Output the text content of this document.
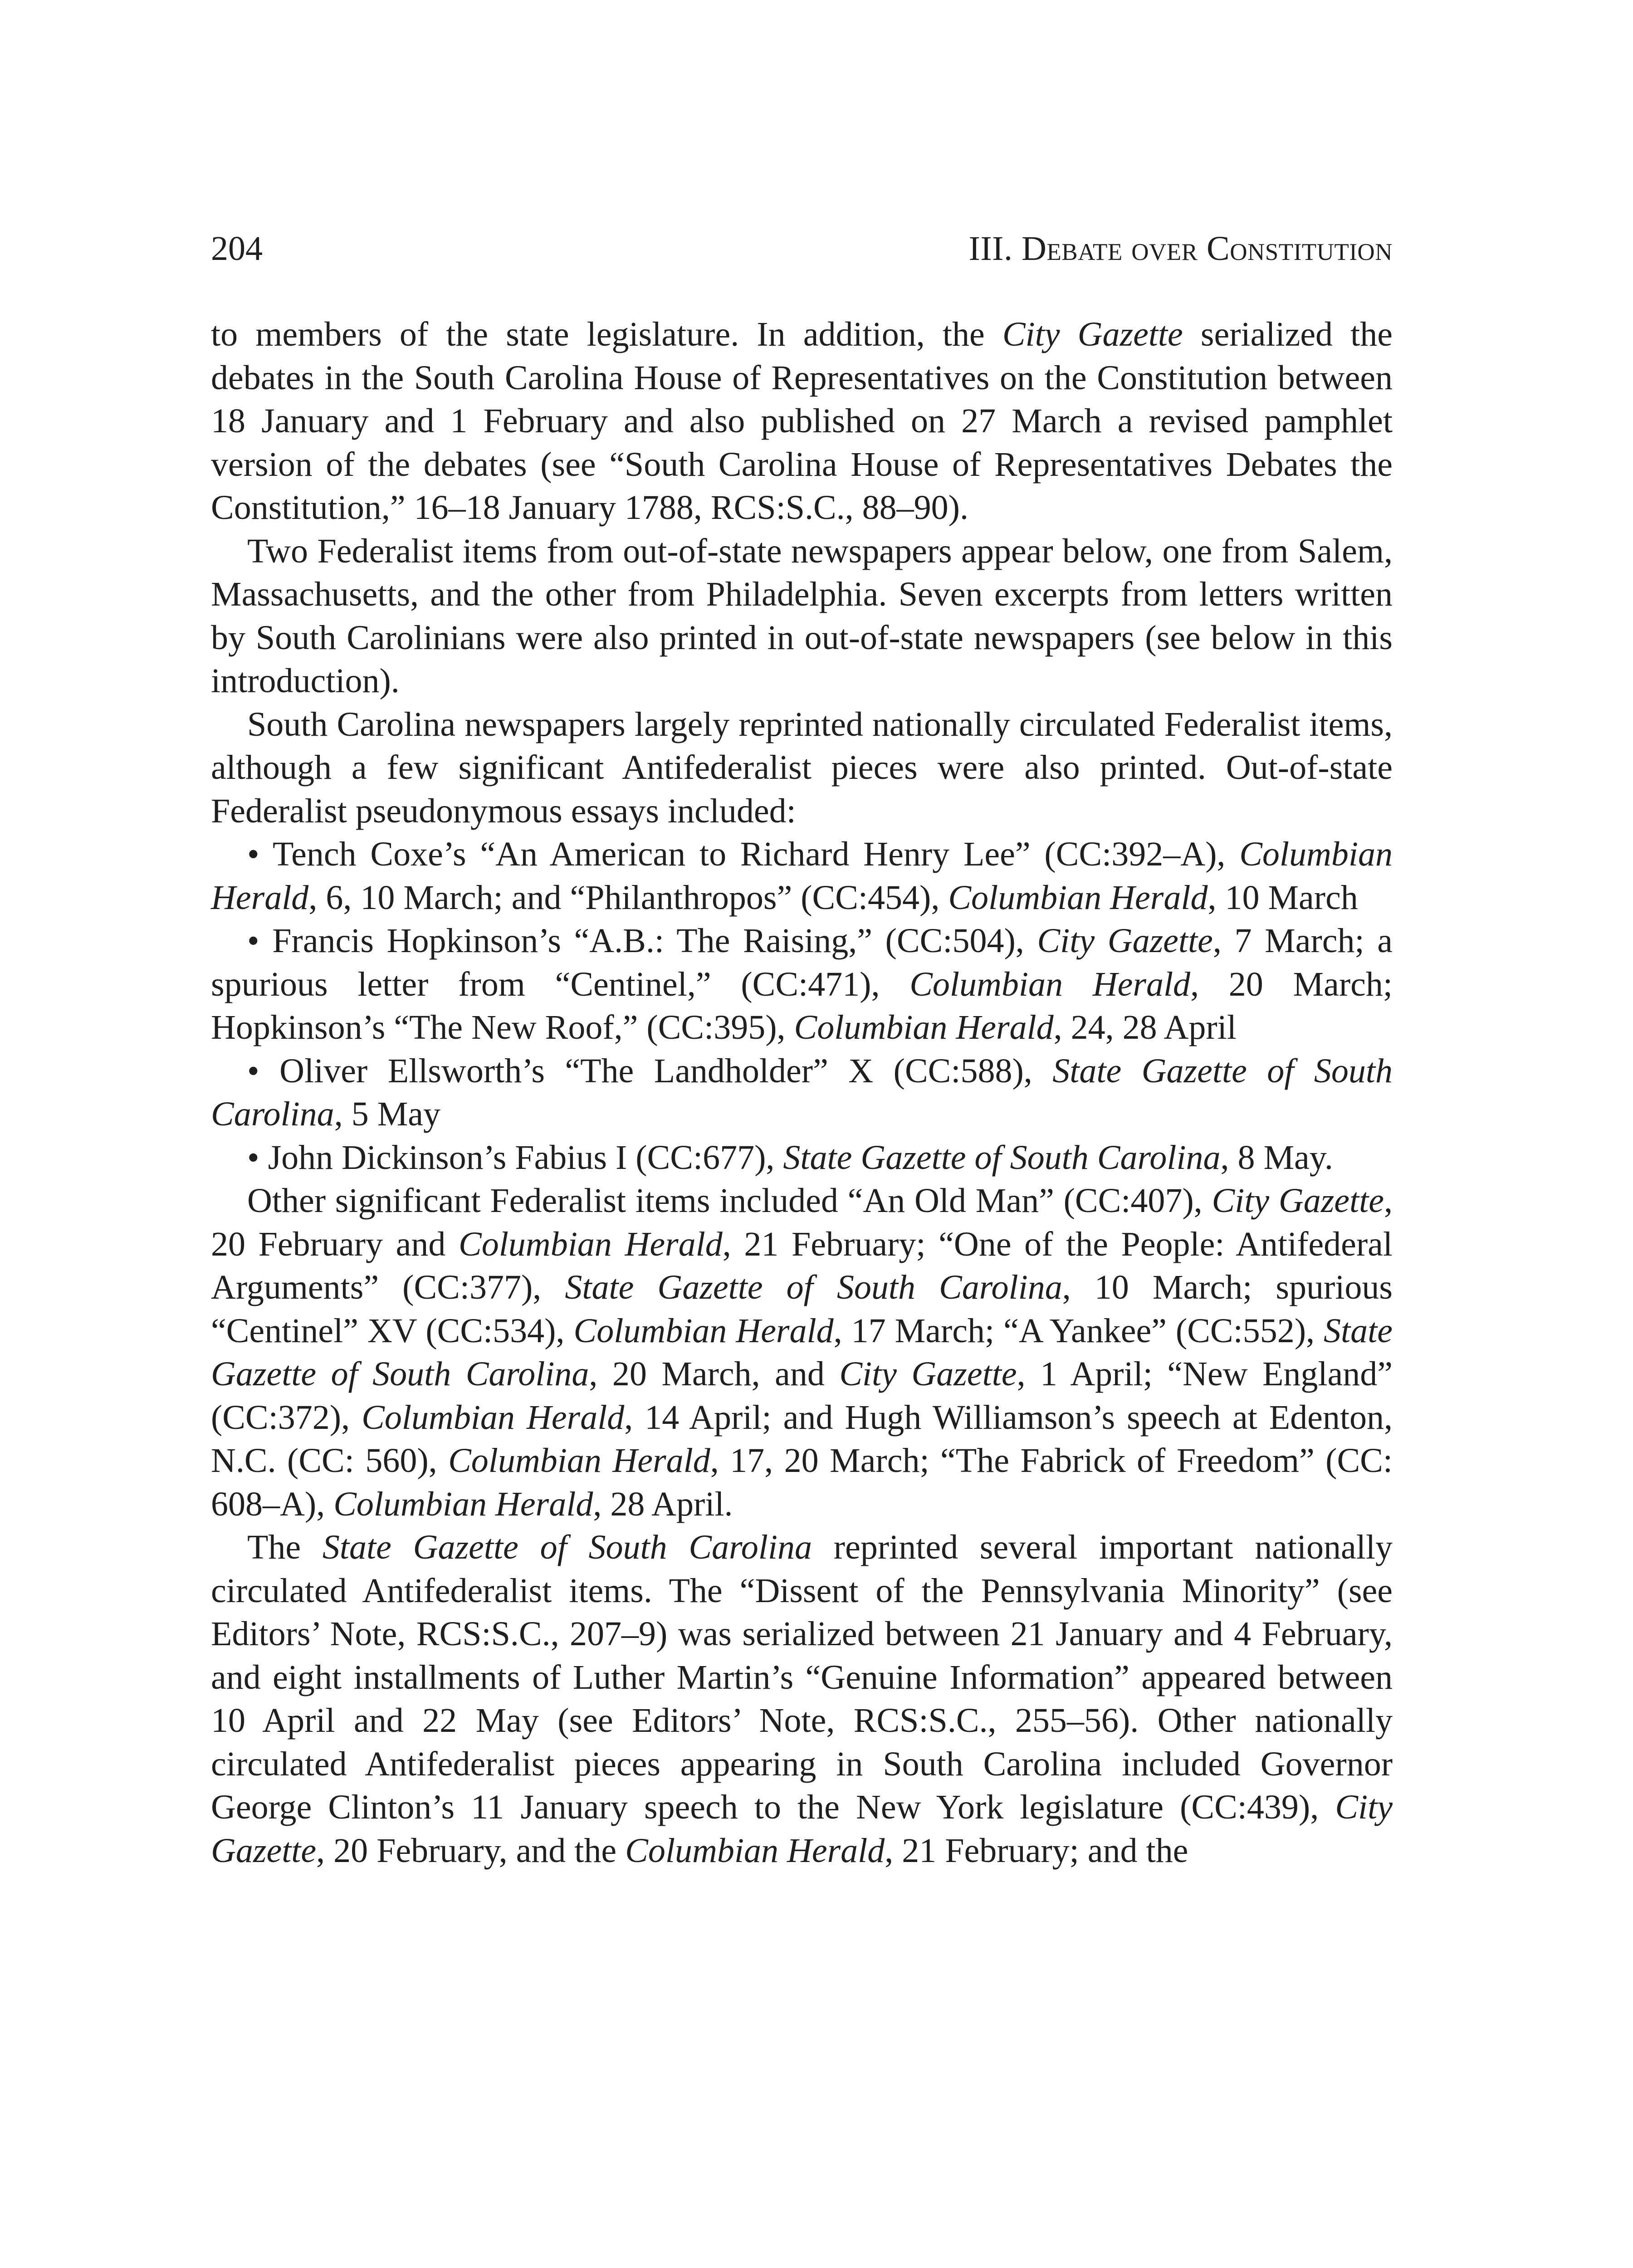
204	III. Debate over Constitution

to members of the state legislature. In addition, the City Gazette serialized the debates in the South Carolina House of Representatives on the Constitution between 18 January and 1 February and also published on 27 March a revised pamphlet version of the debates (see “South Carolina House of Representatives Debates the Constitution,” 16–18 January 1788, RCS:S.C., 88–90).

Two Federalist items from out-of-state newspapers appear below, one from Salem, Massachusetts, and the other from Philadelphia. Seven excerpts from letters written by South Carolinians were also printed in out-of-state newspapers (see below in this introduction).

South Carolina newspapers largely reprinted nationally circulated Federalist items, although a few significant Antifederalist pieces were also printed. Out-of-state Federalist pseudonymous essays included:

• Tench Coxe’s “An American to Richard Henry Lee” (CC:392–A), Columbian Herald, 6, 10 March; and “Philanthropos” (CC:454), Columbian Herald, 10 March

• Francis Hopkinson’s “A.B.: The Raising,” (CC:504), City Gazette, 7 March; a spurious letter from “Centinel,” (CC:471), Columbian Herald, 20 March; Hopkinson’s “The New Roof,” (CC:395), Columbian Herald, 24, 28 April

• Oliver Ellsworth’s “The Landholder” X (CC:588), State Gazette of South Carolina, 5 May

• John Dickinson’s Fabius I (CC:677), State Gazette of South Carolina, 8 May.

Other significant Federalist items included “An Old Man” (CC:407), City Gazette, 20 February and Columbian Herald, 21 February; “One of the People: Antifederal Arguments” (CC:377), State Gazette of South Carolina, 10 March; spurious “Centinel” XV (CC:534), Columbian Herald, 17 March; “A Yankee” (CC:552), State Gazette of South Carolina, 20 March, and City Gazette, 1 April; “New England” (CC:372), Columbian Herald, 14 April; and Hugh Williamson’s speech at Edenton, N.C. (CC: 560), Columbian Herald, 17, 20 March; “The Fabrick of Freedom” (CC: 608–A), Columbian Herald, 28 April.

The State Gazette of South Carolina reprinted several important nationally circulated Antifederalist items. The “Dissent of the Pennsylvania Minority” (see Editors’ Note, RCS:S.C., 207–9) was serialized between 21 January and 4 February, and eight installments of Luther Martin’s “Genuine Information” appeared between 10 April and 22 May (see Editors’ Note, RCS:S.C., 255–56). Other nationally circulated Antifederalist pieces appearing in South Carolina included Governor George Clinton’s 11 January speech to the New York legislature (CC:439), City Gazette, 20 February, and the Columbian Herald, 21 February; and the
